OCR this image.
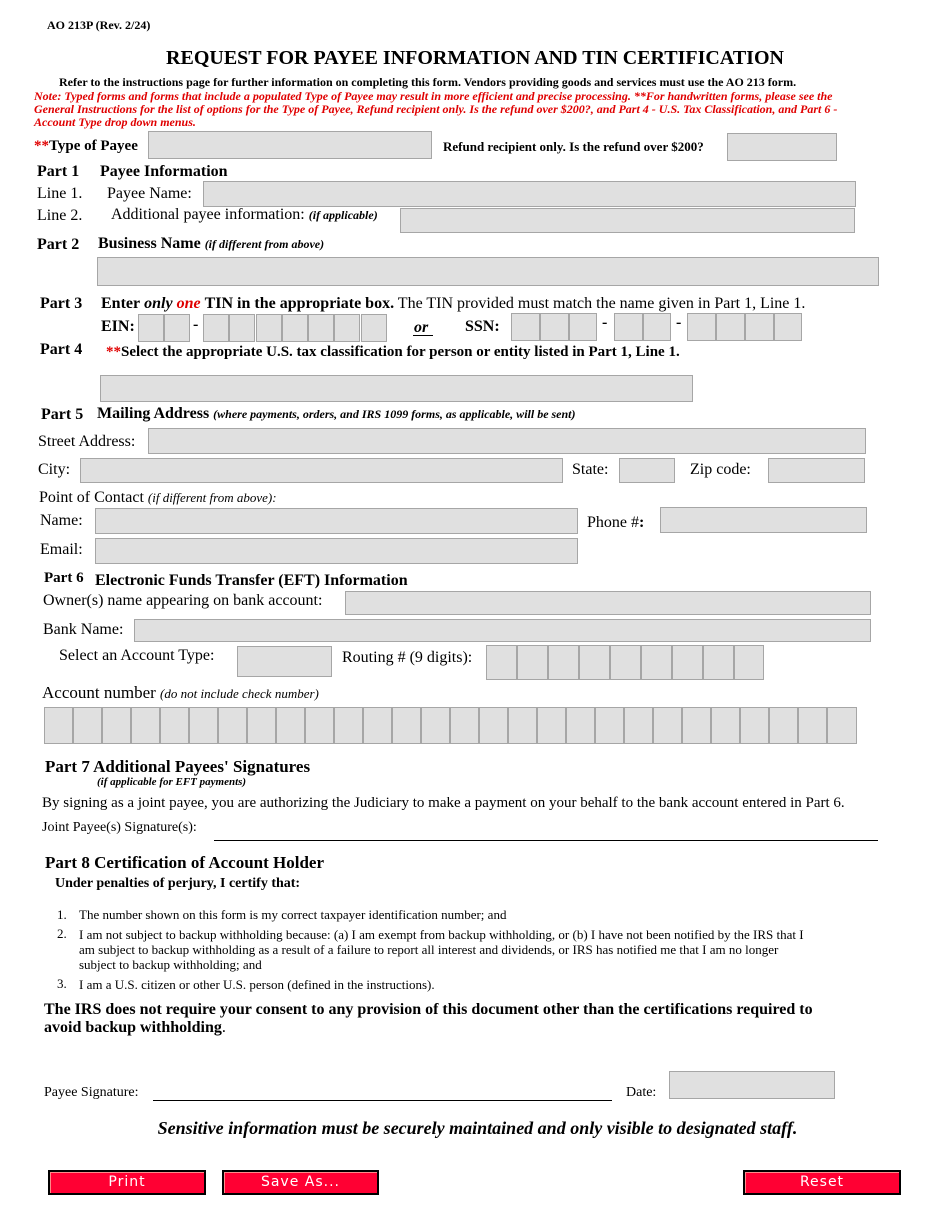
AO 213P (Rev. 2/24)
REQUEST FOR PAYEE INFORMATION AND TIN CERTIFICATION
Refer to the instructions page for further information on completing this form. Vendors providing goods and services must use the AO 213 form.
Note: Typed forms and forms that include a populated Type of Payee may result in more efficient and precise processing. **For handwritten forms, please see the
General Instructions for the list of options for the Type of Payee, Refund recipient only. Is the refund over $200?, and Part 4 - U.S. Tax Classification, and Part 6 -
Account Type drop down menus.
**Type of Payee	Refund recipient only. Is the refund over $200?
Part 1 Payee Information
Line 1. Payee Name:
Line 2. Additional payee information: (if applicable)
Part 2 Business Name (if different from above)
Part 3 Enter only one TIN in the appropriate box. The TIN provided must match the name given in Part 1, Line 1.
EIN:	-	or SSN:	-	-
Part 4 **Select the appropriate U.S. tax classification for person or entity listed in Part 1, Line 1.
Part 5 Mailing Address (where payments, orders, and IRS 1099 forms, as applicable, will be sent)
Street Address:
City:	State:	Zip code:
Point of Contact (if different from above):
Name:	Phone #:
Email:
Part 6 Electronic Funds Transfer (EFT) Information
Owner(s) name appearing on bank account:
Bank Name:
Select an Account Type:	Routing # (9 digits):
Account number (do not include check number)
Part 7 Additional Payees' Signatures
(if applicable for EFT payments)
By signing as a joint payee, you are authorizing the Judiciary to make a payment on your behalf to the bank account entered in Part 6.
Joint Payee(s) Signature(s):
Part 8 Certification of Account Holder
Under penalties of perjury, I certify that:
1. The number shown on this form is my correct taxpayer identification number; and
2. I am not subject to backup withholding because: (a) I am exempt from backup withholding, or (b) I have not been notified by the IRS that I
am subject to backup withholding as a result of a failure to report all interest and dividends, or IRS has notified me that I am no longer
subject to backup withholding; and
3. I am a U.S. citizen or other U.S. person (defined in the instructions).
The IRS does not require your consent to any provision of this document other than the certifications required to
avoid backup withholding.
Payee Signature:	Date:
Sensitive information must be securely maintained and only visible to designated staff.
Print	Save As...	Reset
